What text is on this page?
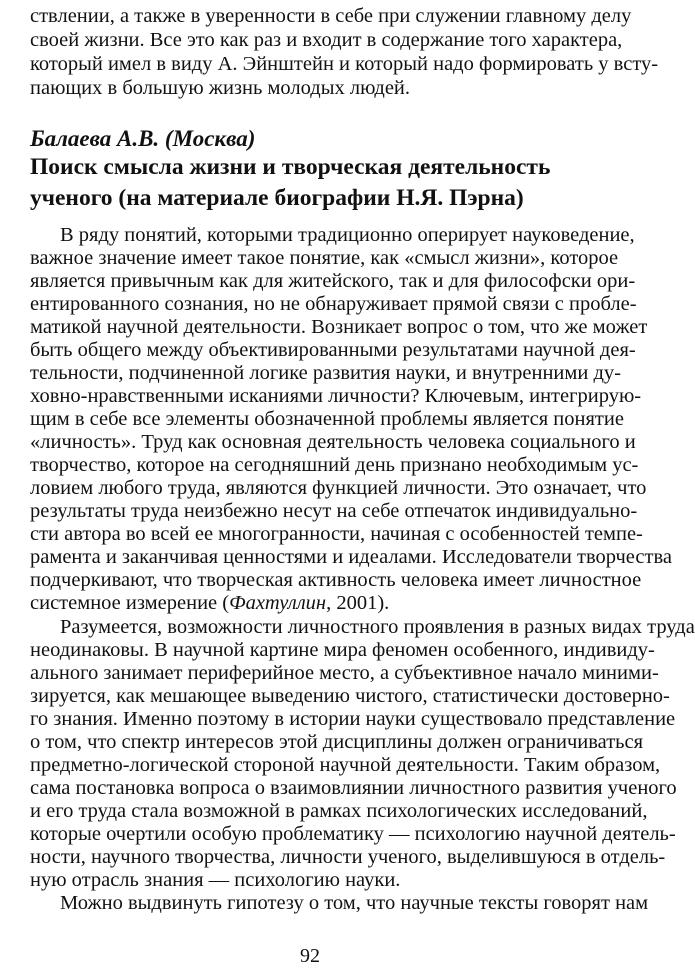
ствлении, а также в уверенности в себе при служении главному делу
своей жизни. Все это как раз и входит в содержание того характера,
который имел в виду А. Эйнштейн и который надо формировать у всту-
пающих в большую жизнь молодых людей.
Балаева А.В. (Москва)
Поиск смысла жизни и творческая деятельность
ученого (на материале биографии Н.Я. Пэрна)
В ряду понятий, которыми традиционно оперирует науковедение,
важное значение имеет такое понятие, как «смысл жизни», которое
является привычным как для житейского, так и для философски ори-
ентированного сознания, но не обнаруживает прямой связи с пробле-
матикой научной деятельности. Возникает вопрос о том, что же может
быть общего между объективированными результатами научной дея-
тельности, подчиненной логике развития науки, и внутренними ду-
ховно-нравственными исканиями личности? Ключевым, интегрирую-
щим в себе все элементы обозначенной проблемы является понятие
«личность». Труд как основная деятельность человека социального и
творчество, которое на сегодняшний день признано необходимым ус-
ловием любого труда, являются функцией личности. Это означает, что
результаты труда неизбежно несут на себе отпечаток индивидуально-
сти автора во всей ее многогранности, начиная с особенностей темпе-
рамента и заканчивая ценностями и идеалами. Исследователи творчества
подчеркивают, что творческая активность человека имеет личностное
системное измерение (Фахтуллин, 2001).
Разумеется, возможности личностного проявления в разных видах труда
неодинаковы. В научной картине мира феномен особенного, индивиду-
ального занимает периферийное место, а субъективное начало миними-
зируется, как мешающее выведению чистого, статистически достоверно-
го знания. Именно поэтому в истории науки существовало представление
о том, что спектр интересов этой дисциплины должен ограничиваться
предметно-логической стороной научной деятельности. Таким образом,
сама постановка вопроса о взаимовлиянии личностного развития ученого
и его труда стала возможной в рамках психологических исследований,
которые очертили особую проблематику — психологию научной деятель-
ности, научного творчества, личности ученого, выделившуюся в отдель-
ную отрасль знания — психологию науки.
Можно выдвинуть гипотезу о том, что научные тексты говорят нам
92
